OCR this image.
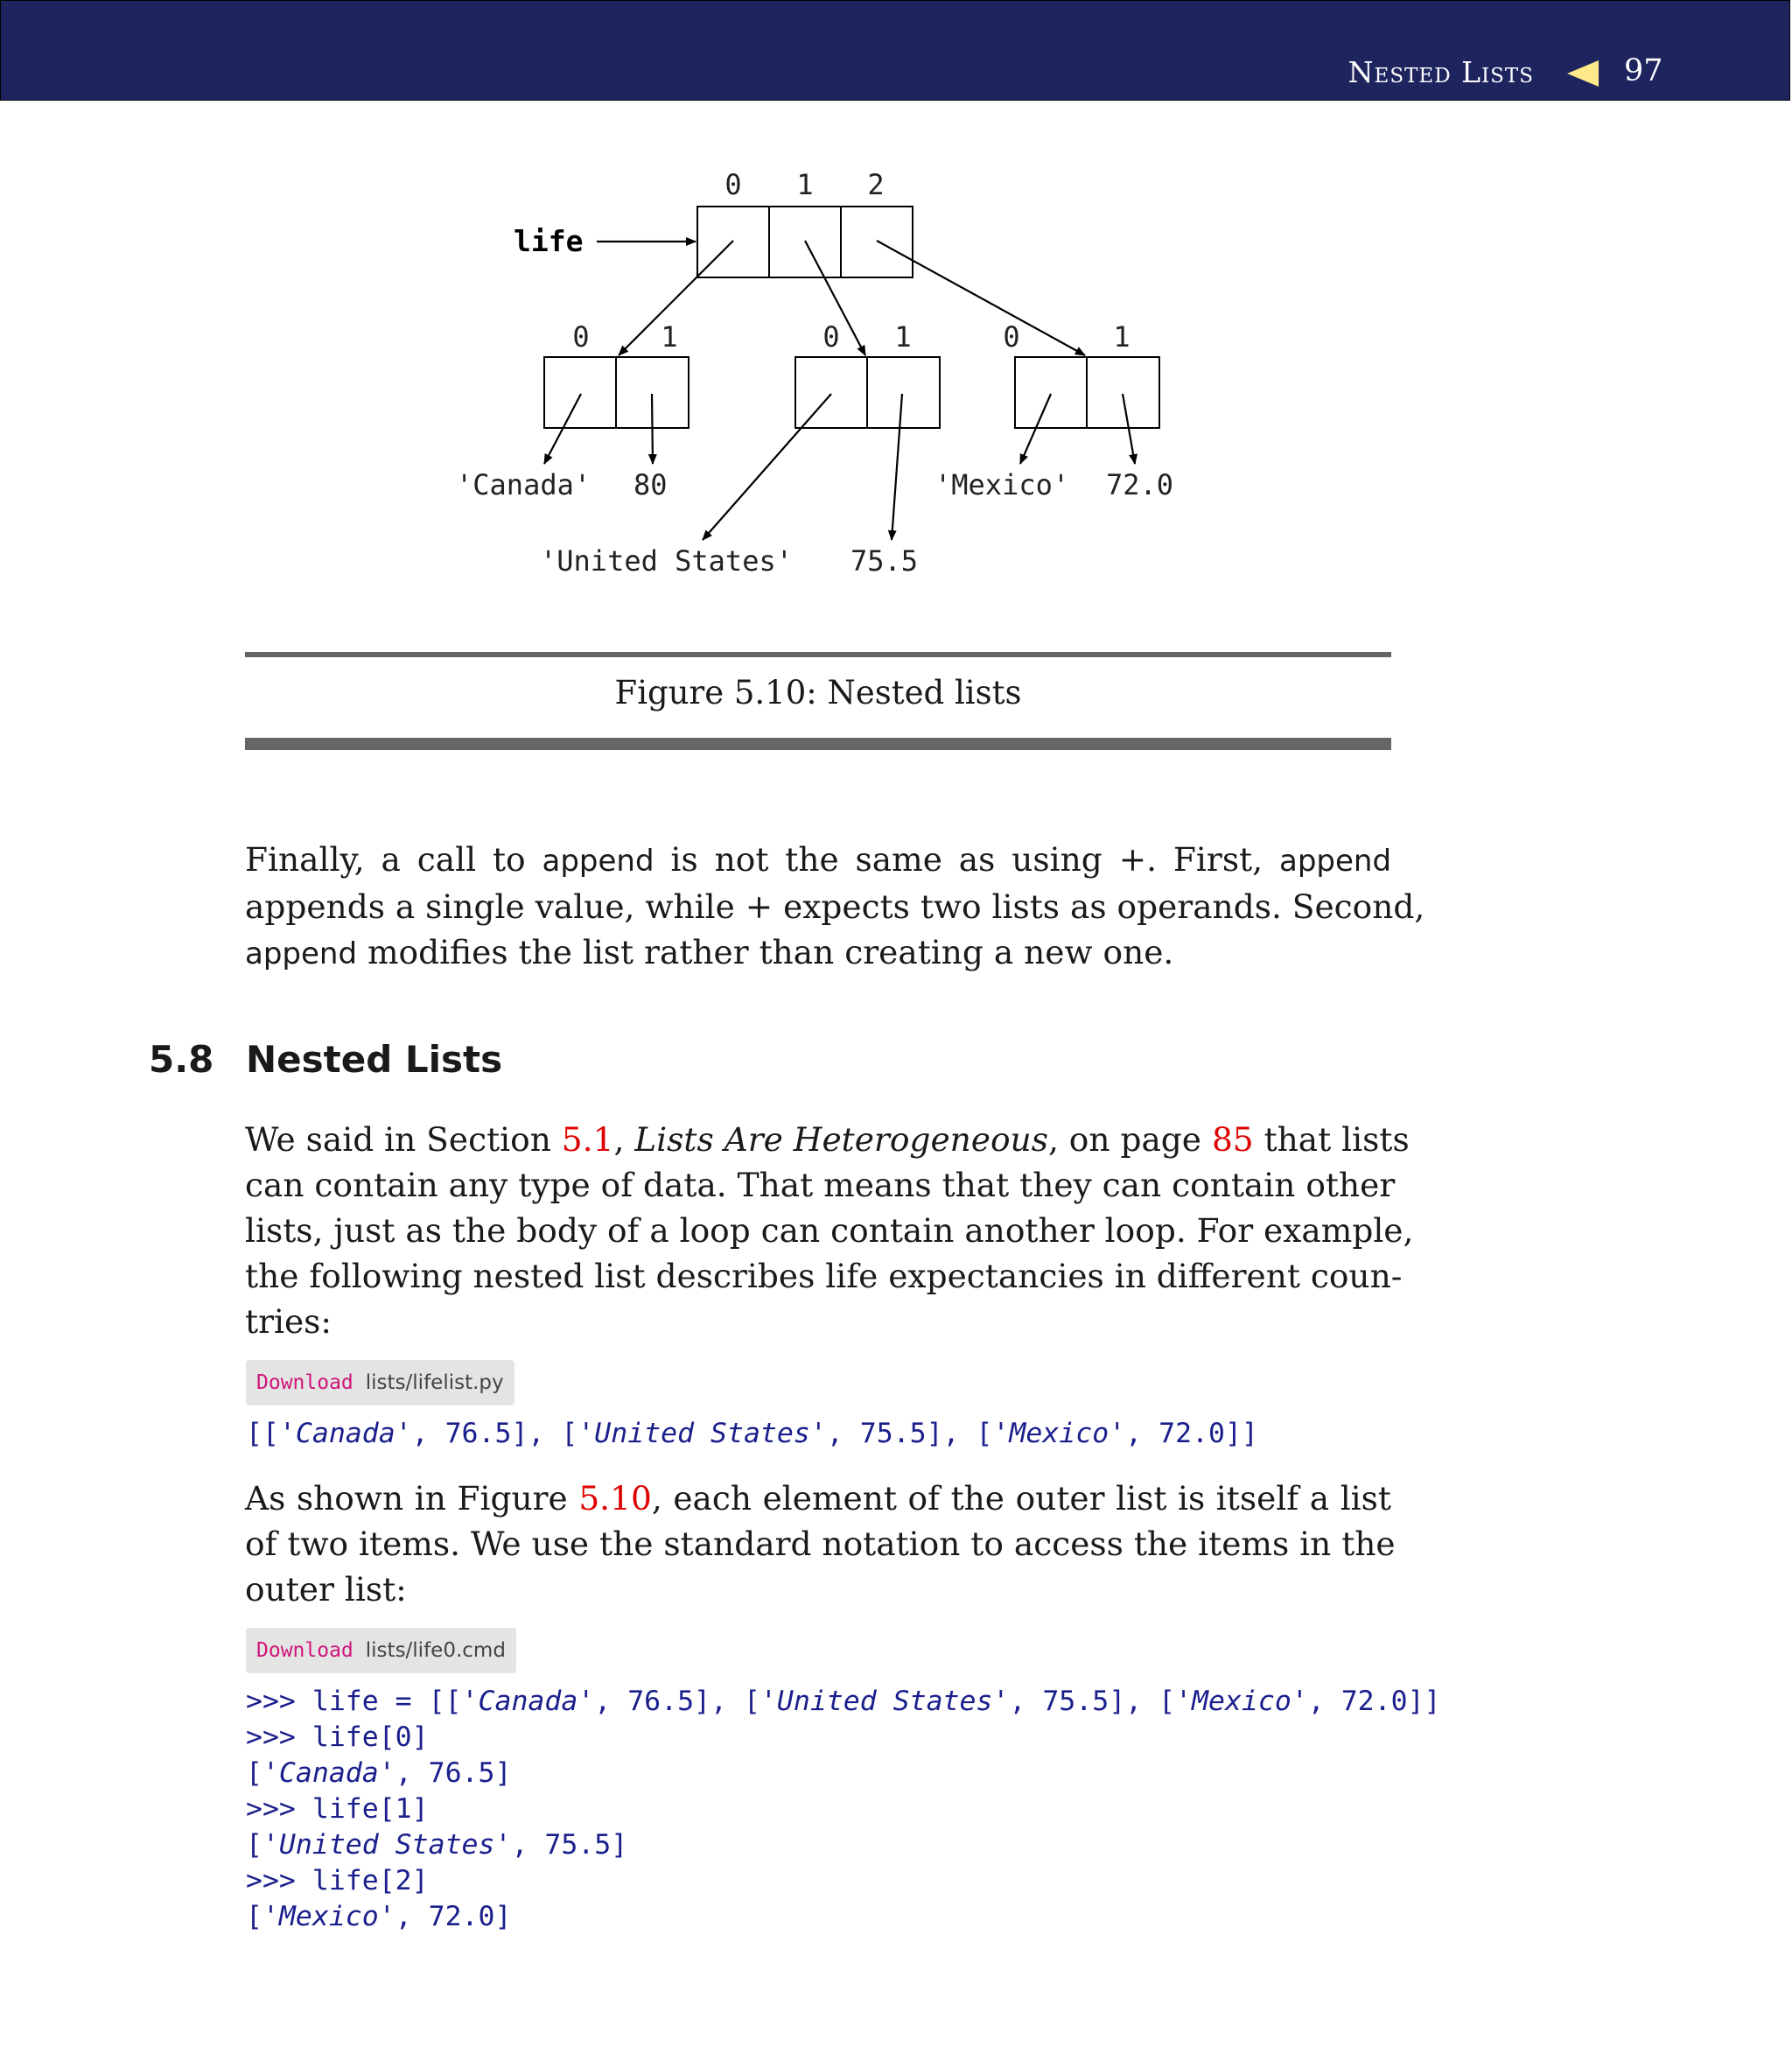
Nested Lists	97
0 1 2
0	1	0 1	0	1
'Canada' 80
'United States' 75.5
'Mexico' 72.0
life
Figure 5.10: Nested lists
Finally, a call to append is not the same as using +. First, append
appends a single value, while + expects two lists as operands. Second,
append modifies the list rather than creating a new one.
5.8 Nested Lists
We said in Section 5.1, Lists Are Heterogeneous, on page 85 that lists
can contain any type of data. That means that they can contain other
lists, just as the body of a loop can contain another loop. For example,
the following nested list describes life expectancies in different coun-
tries:
Download lists/lifelist.py
[['Canada', 76.5], ['United States', 75.5], ['Mexico', 72.0]]
As shown in Figure 5.10, each element of the outer list is itself a list
of two items. We use the standard notation to access the items in the
outer list:
Download lists/life0.cmd
>>> life = [['Canada', 76.5], ['United States', 75.5], ['Mexico', 72.0]]
>>> life[0]
['Canada', 76.5]
>>> life[1]
['United States', 75.5]
>>> life[2]
['Mexico', 72.0]
